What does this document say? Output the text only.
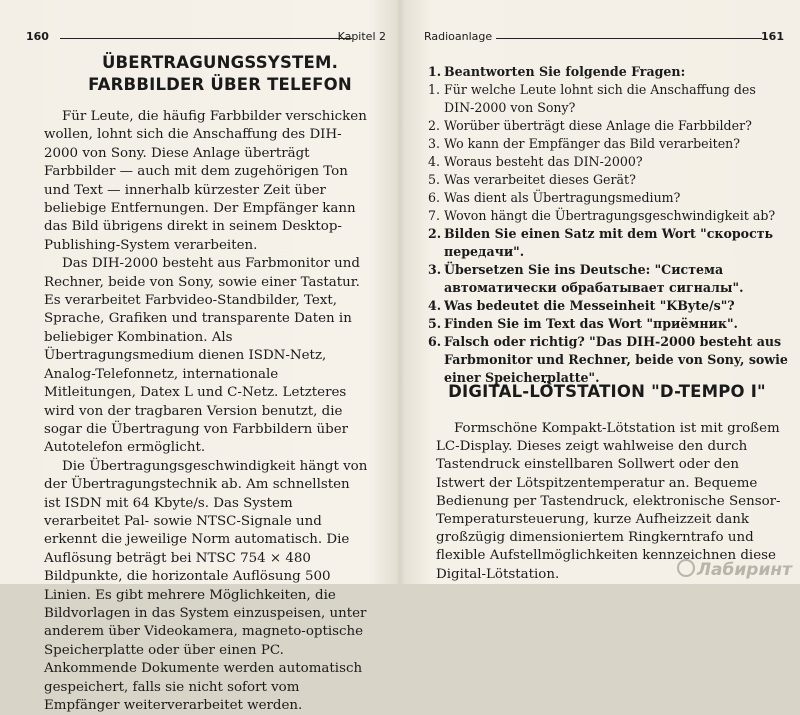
160	Kapitel 2
ÜBERTRAGUNGSSYSTEM.
FARBBILDER ÜBER TELEFON

Für Leute, die häufig Farbbilder verschicken wollen, lohnt sich die Anschaffung des DIH-2000 von Sony. Diese Anlage überträgt Farbbilder — auch mit dem zugehörigen Ton und Text — innerhalb kürzester Zeit über beliebige Entfernungen. Der Empfänger kann das Bild übrigens direkt in seinem Desktop-Publishing-System verarbeiten.

Das DIH-2000 besteht aus Farbmonitor und Rechner, beide von Sony, sowie einer Tastatur. Es verarbeitet Farbvideo-Standbilder, Text, Sprache, Grafiken und transparente Daten in beliebiger Kombination. Als Übertragungsmedium dienen ISDN-Netz, Analog-Telefonnetz, internationale Mitleitungen, Datex L und C-Netz. Letzteres wird von der tragbaren Version benutzt, die sogar die Übertragung von Farbbildern über Autotelefon ermöglicht.

Die Übertragungsgeschwindigkeit hängt von der Übertragungstechnik ab. Am schnellsten ist ISDN mit 64 Kbyte/s. Das System verarbeitet Pal- sowie NTSC-Signale und erkennt die jeweilige Norm automatisch. Die Auflösung beträgt bei NTSC 754 × 480 Bildpunkte, die horizontale Auflösung 500 Linien. Es gibt mehrere Möglichkeiten, die Bildvorlagen in das System einzuspeisen, unter anderem über Videokamera, magneto-optische Speicherplatte oder über einen PC. Ankommende Dokumente werden automatisch gespeichert, falls sie nicht sofort vom Empfänger weiterverarbeitet werden.

Radioanlage	161
1. Beantworten Sie folgende Fragen:
1. Für welche Leute lohnt sich die Anschaffung des DIN-2000 von Sony?
2. Worüber überträgt diese Anlage die Farbbilder?
3. Wo kann der Empfänger das Bild verarbeiten?
4. Woraus besteht das DIN-2000?
5. Was verarbeitet dieses Gerät?
6. Was dient als Übertragungsmedium?
7. Wovon hängt die Übertragungsgeschwindigkeit ab?
2. Bilden Sie einen Satz mit dem Wort "скорость передачи".
3. Übersetzen Sie ins Deutsche: "Система автоматически обрабатывает сигналы".
4. Was bedeutet die Messeinheit "KByte/s"?
5. Finden Sie im Text das Wort "приёмник".
6. Falsch oder richtig? "Das DIH-2000 besteht aus Farbmonitor und Rechner, beide von Sony, sowie einer Speicherplatte".
DIGITAL-LÖTSTATION "D-TEMPO I"

Formschöne Kompakt-Lötstation ist mit großem LC-Display. Dieses zeigt wahlweise den durch Tastendruck einstellbaren Sollwert oder den Istwert der Lötspitzentemperatur an. Bequeme Bedienung per Tastendruck, elektronische Sensor-Temperatursteuerung, kurze Aufheizzeit dank großzügig dimensioniertem Ringkerntrafo und flexible Aufstellmöglichkeiten kennzeichnen diese Digital-Lötstation.	Лабиринт
